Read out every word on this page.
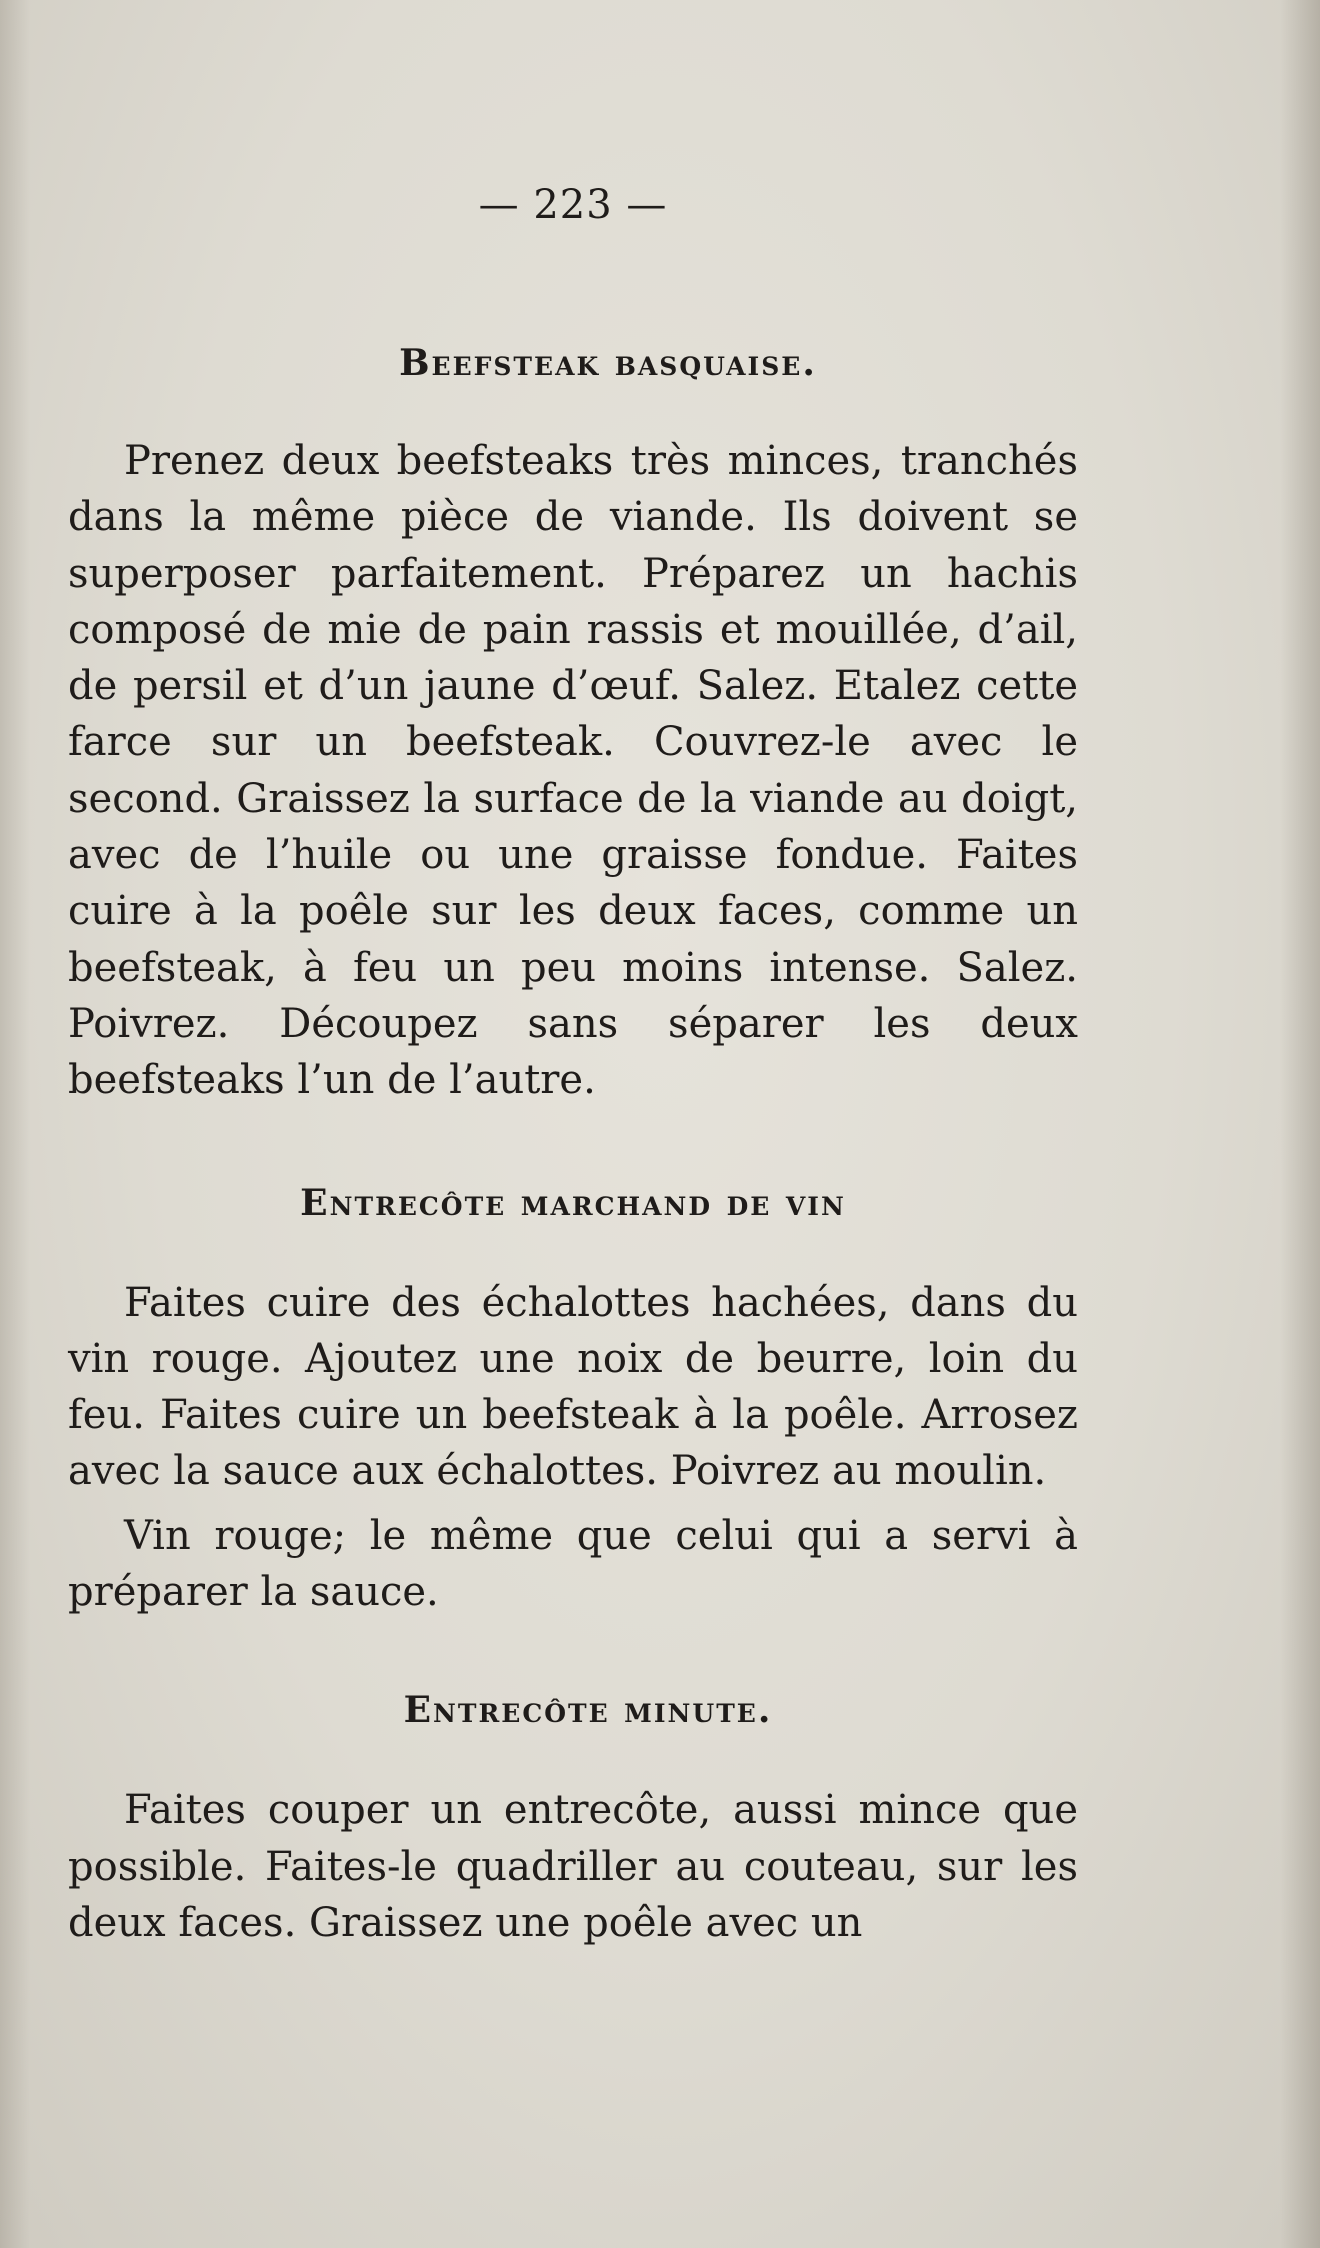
— 223 —
Beefsteak basquaise.

Prenez deux beefsteaks très minces, tranchés dans la même pièce de viande. Ils doivent se superposer parfaitement. Préparez un hachis composé de mie de pain rassis et mouillée, d’ail, de persil et d’un jaune d’œuf. Salez. Etalez cette farce sur un beefsteak. Couvrez-le avec le second. Graissez la surface de la viande au doigt, avec de l’huile ou une graisse fondue. Faites cuire à la poêle sur les deux faces, comme un beefsteak, à feu un peu moins intense. Salez. Poivrez. Découpez sans séparer les deux beefsteaks l’un de l’autre.

Entrecôte marchand de vin

Faites cuire des échalottes hachées, dans du vin rouge. Ajoutez une noix de beurre, loin du feu. Faites cuire un beefsteak à la poêle. Arrosez avec la sauce aux échalottes. Poivrez au moulin.

Vin rouge; le même que celui qui a servi à préparer la sauce.

Entrecôte minute.

Faites couper un entrecôte, aussi mince que possible. Faites-le quadriller au couteau, sur les deux faces. Graissez une poêle avec un
